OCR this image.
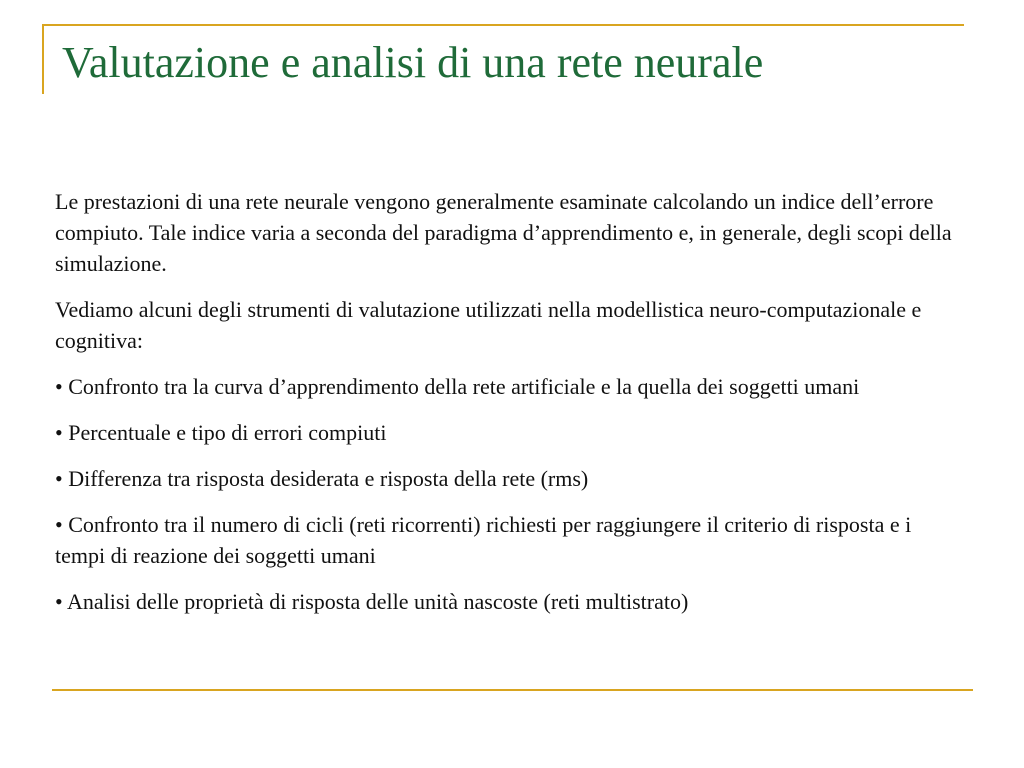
Valutazione e analisi di una rete neurale

Le prestazioni di una rete neurale vengono generalmente esaminate calcolando un indice dell’errore compiuto. Tale indice varia a seconda del paradigma d’apprendimento e, in generale, degli scopi della simulazione.

Vediamo alcuni degli strumenti di valutazione utilizzati nella modellistica neuro-computazionale e cognitiva:

• Confronto tra la curva d’apprendimento della rete artificiale e la quella dei soggetti umani

• Percentuale e tipo di errori compiuti

• Differenza tra risposta desiderata e risposta della rete (rms)

• Confronto tra il numero di cicli (reti ricorrenti) richiesti per raggiungere il criterio di risposta e i tempi di reazione dei soggetti umani

• Analisi delle proprietà di risposta delle unità nascoste (reti multistrato)
